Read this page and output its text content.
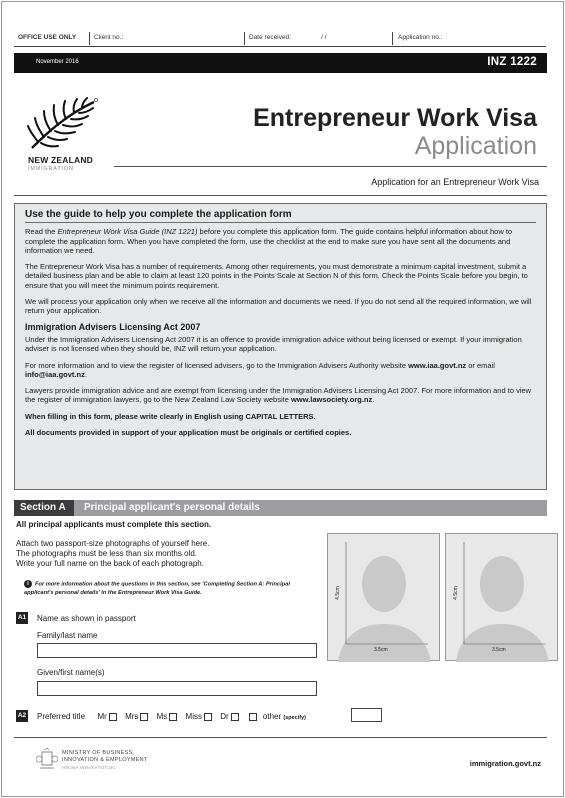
OFFICE USE ONLY	Client no.:	Date received:	/ /	Application no.:
November 2016	INZ 1222
NEW ZEALAND
IMMIGRATION
Entrepreneur Work Visa
Application
Application for an Entrepreneur Work Visa
Use the guide to help you complete the application form

Read the Entrepreneur Work Visa Guide (INZ 1221) before you complete this application form. The guide contains helpful information about how to complete the application form. When you have completed the form, use the checklist at the end to make sure you have sent all the documents and information we need.

The Entrepreneur Work Visa has a number of requirements. Among other requirements, you must demonstrate a minimum capital investment, submit a detailed business plan and be able to claim at least 120 points in the Points Scale at Section N of this form. Check the Points Scale before you begin, to ensure that you will meet the minimum points requirement.

We will process your application only when we receive all the information and documents we need. If you do not send all the required information, we will return your application.

Immigration Advisers Licensing Act 2007

Under the Immigration Advisers Licensing Act 2007 it is an offence to provide immigration advice without being licensed or exempt. If your immigration adviser is not licensed when they should be, INZ will return your application.

For more information and to view the register of licensed advisers, go to the Immigration Advisers Authority website www.iaa.govt.nz or email info@iaa.govt.nz.

Lawyers provide immigration advice and are exempt from licensing under the Immigration Advisers Licensing Act 2007. For more information and to view the register of immigration lawyers, go to the New Zealand Law Society website www.lawsociety.org.nz.

When filling in this form, please write clearly in English using CAPITAL LETTERS.

All documents provided in support of your application must be originals or certified copies.

Section A	Principal applicant's personal details
All principal applicants must complete this section.
Attach two passport-size photographs of yourself here.
The photographs must be less than six months old.
Write your full name on the back of each photograph.
i For more information about the questions in this section, see 'Completing Section A: Principal applicant's personal details' in the Entrepreneur Work Visa Guide.	4.5cm
3.5cm
4.5cm
3.5cm
A1 Name as shown in passport
Family/last name
Given/first name(s)
A2 Preferred title Mr Mrs Ms Miss Dr	other (specify)
MINISTRY OF BUSINESS,
INNOVATION & EMPLOYMENT
HĪKINA WHAKATUTUKI	immigration.govt.nz
